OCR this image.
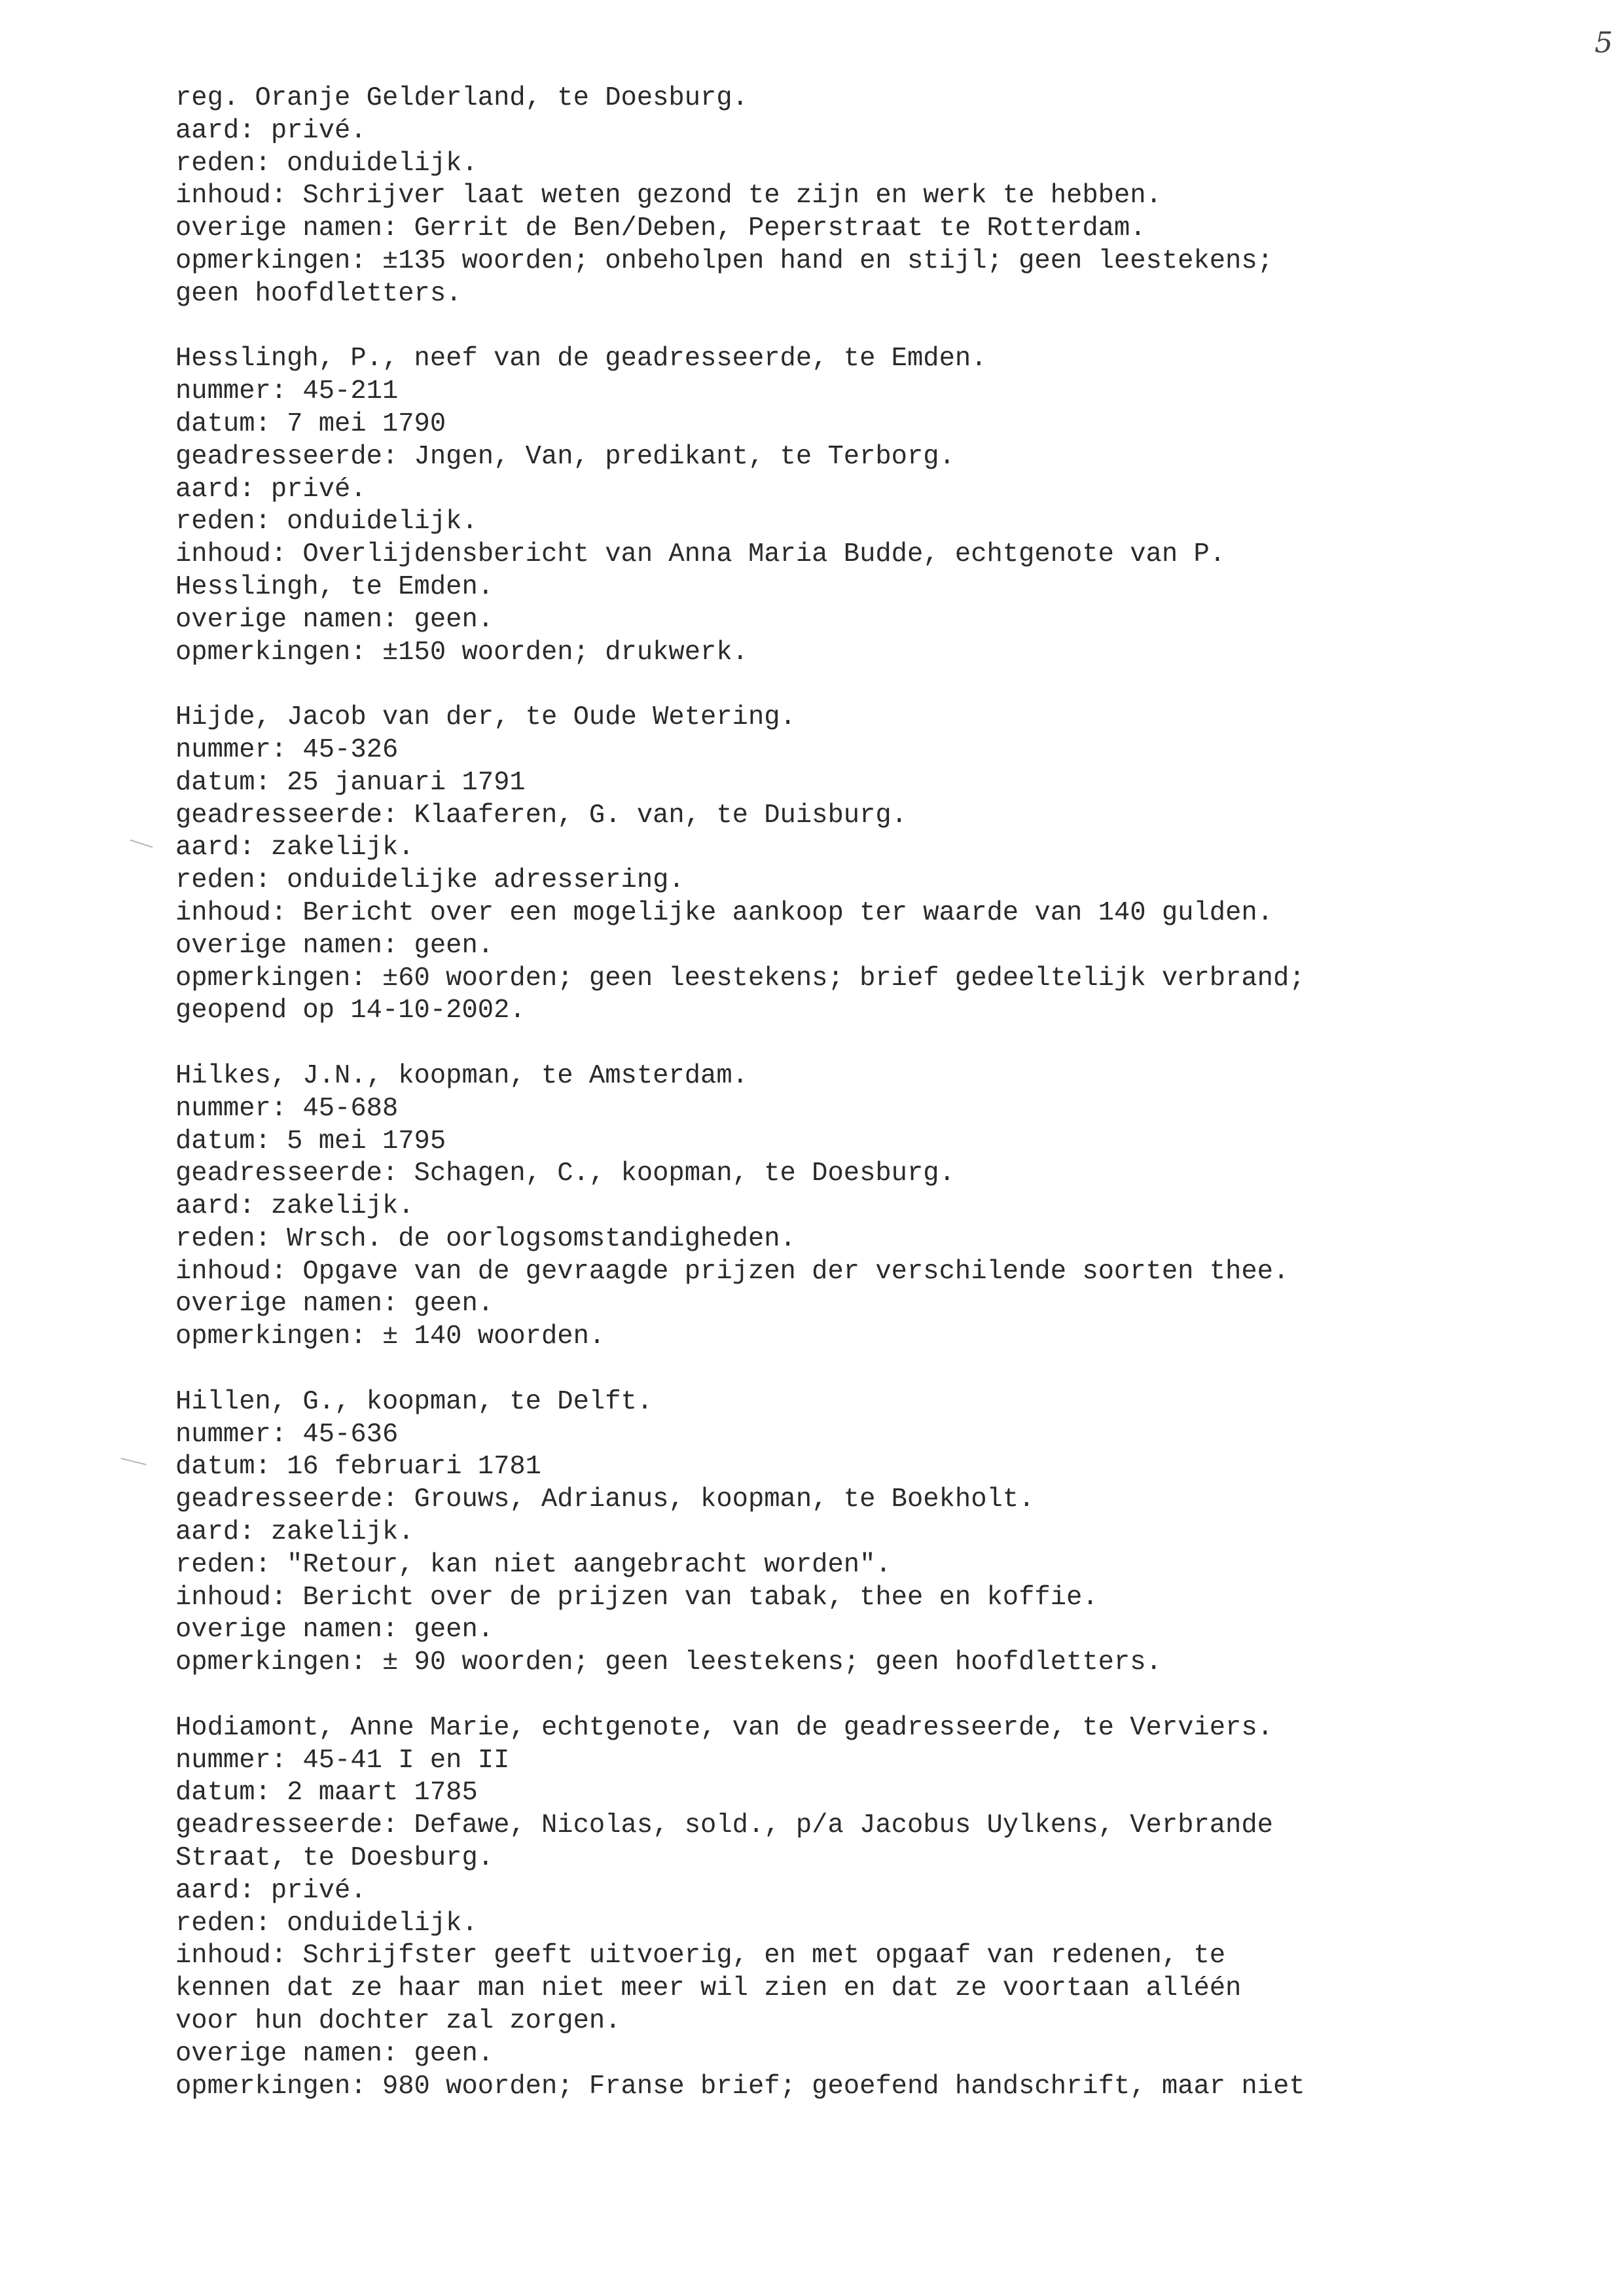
5
reg. Oranje Gelderland, te Doesburg.
aard: privé.
reden: onduidelijk.
inhoud: Schrijver laat weten gezond te zijn en werk te hebben.
overige namen: Gerrit de Ben/Deben, Peperstraat te Rotterdam.
opmerkingen: ±135 woorden; onbeholpen hand en stijl; geen leestekens;
geen hoofdletters.
Hesslingh, P., neef van de geadresseerde, te Emden.
nummer: 45-211
datum: 7 mei 1790
geadresseerde: Jngen, Van, predikant, te Terborg.
aard: privé.
reden: onduidelijk.
inhoud: Overlijdensbericht van Anna Maria Budde, echtgenote van P.
Hesslingh, te Emden.
overige namen: geen.
opmerkingen: ±150 woorden; drukwerk.
Hijde, Jacob van der, te Oude Wetering.
nummer: 45-326
datum: 25 januari 1791
geadresseerde: Klaaferen, G. van, te Duisburg.
aard: zakelijk.
reden: onduidelijke adressering.
inhoud: Bericht over een mogelijke aankoop ter waarde van 140 gulden.
overige namen: geen.
opmerkingen: ±60 woorden; geen leestekens; brief gedeeltelijk verbrand;
geopend op 14-10-2002.
Hilkes, J.N., koopman, te Amsterdam.
nummer: 45-688
datum: 5 mei 1795
geadresseerde: Schagen, C., koopman, te Doesburg.
aard: zakelijk.
reden: Wrsch. de oorlogsomstandigheden.
inhoud: Opgave van de gevraagde prijzen der verschilende soorten thee.
overige namen: geen.
opmerkingen: ± 140 woorden.
Hillen, G., koopman, te Delft.
nummer: 45-636
datum: 16 februari 1781
geadresseerde: Grouws, Adrianus, koopman, te Boekholt.
aard: zakelijk.
reden: "Retour, kan niet aangebracht worden".
inhoud: Bericht over de prijzen van tabak, thee en koffie.
overige namen: geen.
opmerkingen: ± 90 woorden; geen leestekens; geen hoofdletters.
Hodiamont, Anne Marie, echtgenote, van de geadresseerde, te Verviers.
nummer: 45-41 I en II
datum: 2 maart 1785
geadresseerde: Defawe, Nicolas, sold., p/a Jacobus Uylkens, Verbrande
Straat, te Doesburg.
aard: privé.
reden: onduidelijk.
inhoud: Schrijfster geeft uitvoerig, en met opgaaf van redenen, te
kennen dat ze haar man niet meer wil zien en dat ze voortaan alléén
voor hun dochter zal zorgen.
overige namen: geen.
opmerkingen: 980 woorden; Franse brief; geoefend handschrift, maar niet
